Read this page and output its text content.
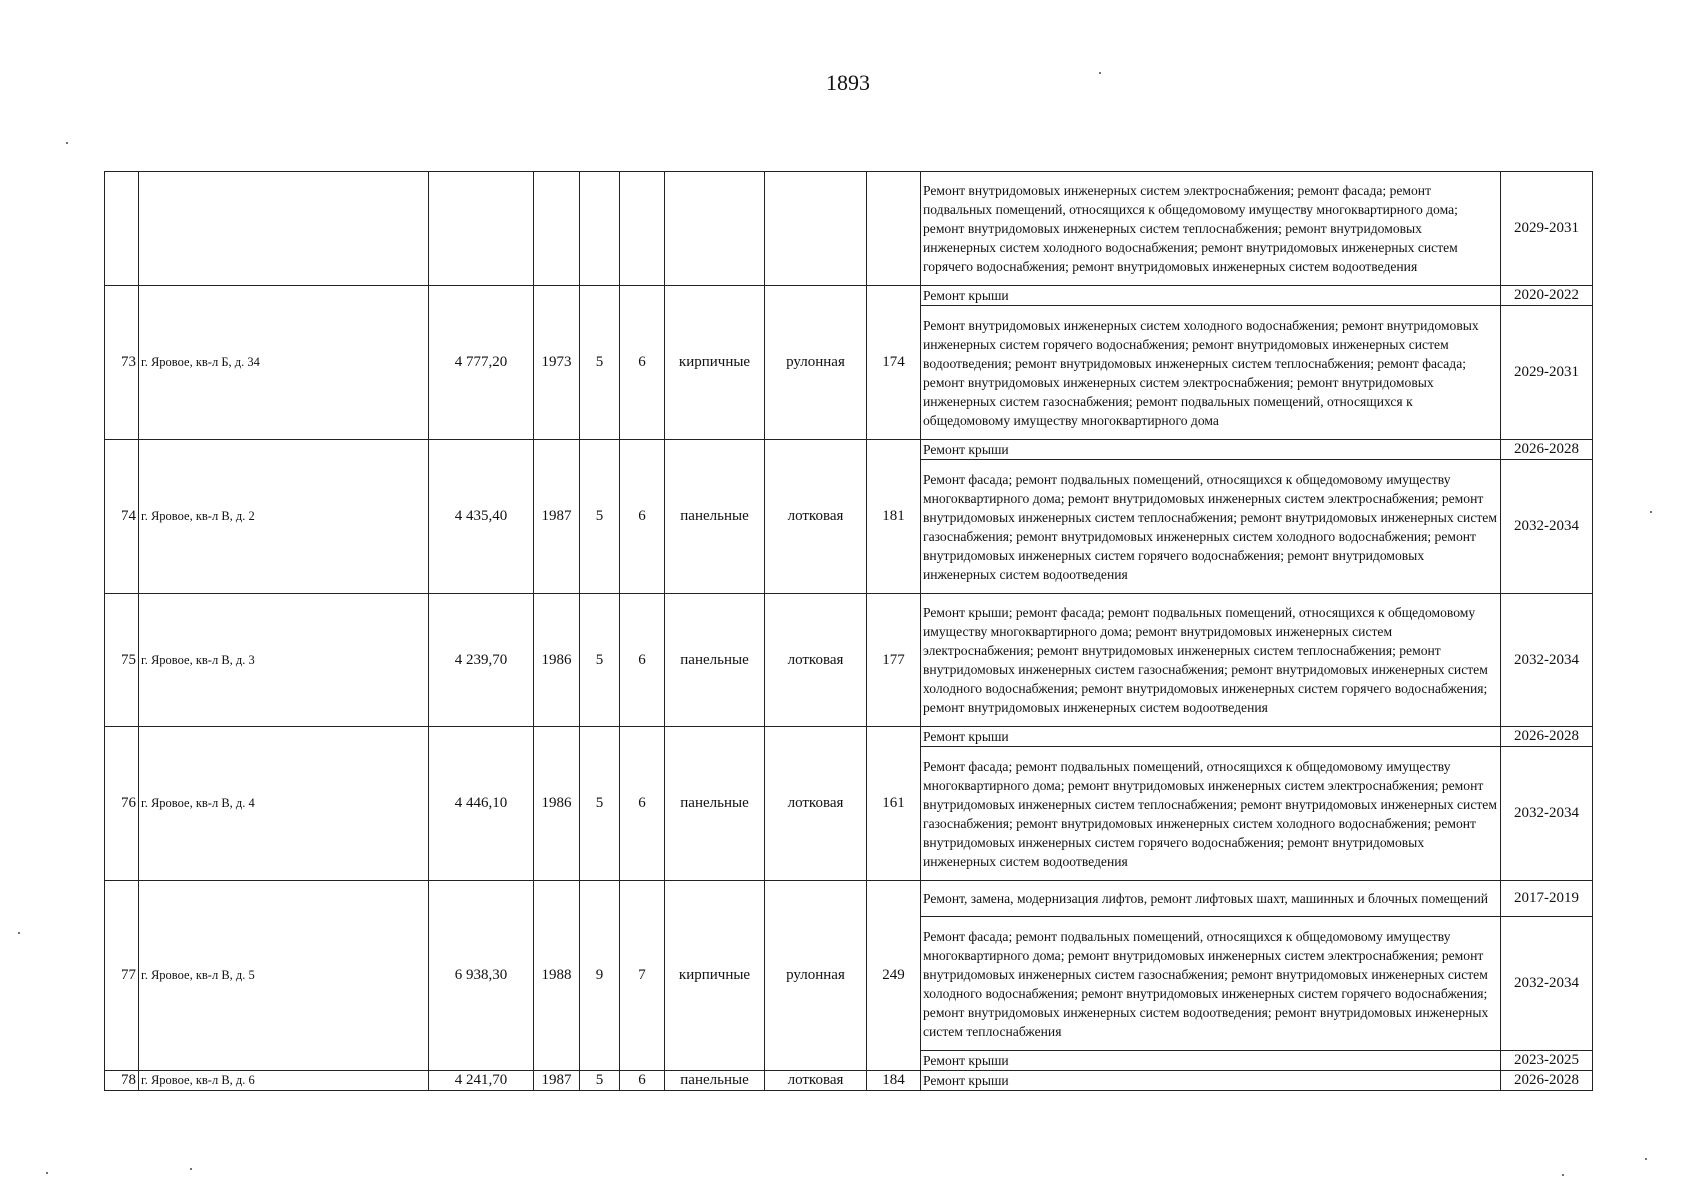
1893
									Ремонт внутридомовых инженерных систем электроснабжения; ремонт фасада; ремонт подвальных помещений, относящихся к общедомовому имуществу многоквартирного дома; ремонт внутридомовых инженерных систем теплоснабжения; ремонт внутридомовых инженерных систем холодного водоснабжения; ремонт внутридомовых инженерных систем горячего водоснабжения; ремонт внутридомовых инженерных систем водоотведения	2029-2031
73	г. Яровое, кв-л Б, д. 34	4 777,20	1973	5	6	кирпичные	рулонная	174	Ремонт крыши	2020-2022
									Ремонт внутридомовых инженерных систем холодного водоснабжения; ремонт внутридомовых инженерных систем горячего водоснабжения; ремонт внутридомовых инженерных систем водоотведения; ремонт внутридомовых инженерных систем теплоснабжения; ремонт фасада; ремонт внутридомовых инженерных систем электроснабжения; ремонт внутридомовых инженерных систем газоснабжения; ремонт подвальных помещений, относящихся к общедомовому имуществу многоквартирного дома	2029-2031
74	г. Яровое, кв-л В, д. 2	4 435,40	1987	5	6	панельные	лотковая	181	Ремонт крыши	2026-2028
									Ремонт фасада; ремонт подвальных помещений, относящихся к общедомовому имуществу многоквартирного дома; ремонт внутридомовых инженерных систем электроснабжения; ремонт внутридомовых инженерных систем теплоснабжения; ремонт внутридомовых инженерных систем газоснабжения; ремонт внутридомовых инженерных систем холодного водоснабжения; ремонт внутридомовых инженерных систем горячего водоснабжения; ремонт внутридомовых инженерных систем водоотведения	2032-2034
75	г. Яровое, кв-л В, д. 3	4 239,70	1986	5	6	панельные	лотковая	177	Ремонт крыши; ремонт фасада; ремонт подвальных помещений, относящихся к общедомовому имуществу многоквартирного дома; ремонт внутридомовых инженерных систем электроснабжения; ремонт внутридомовых инженерных систем теплоснабжения; ремонт внутридомовых инженерных систем газоснабжения; ремонт внутридомовых инженерных систем холодного водоснабжения; ремонт внутридомовых инженерных систем горячего водоснабжения; ремонт внутридомовых инженерных систем водоотведения	2032-2034
76	г. Яровое, кв-л В, д. 4	4 446,10	1986	5	6	панельные	лотковая	161	Ремонт крыши	2026-2028
									Ремонт фасада; ремонт подвальных помещений, относящихся к общедомовому имуществу многоквартирного дома; ремонт внутридомовых инженерных систем электроснабжения; ремонт внутридомовых инженерных систем теплоснабжения; ремонт внутридомовых инженерных систем газоснабжения; ремонт внутридомовых инженерных систем холодного водоснабжения; ремонт внутридомовых инженерных систем горячего водоснабжения; ремонт внутридомовых инженерных систем водоотведения	2032-2034
77	г. Яровое, кв-л В, д. 5	6 938,30	1988	9	7	кирпичные	рулонная	249	Ремонт, замена, модернизация лифтов, ремонт лифтовых шахт, машинных и блочных помещений	2017-2019
									Ремонт фасада; ремонт подвальных помещений, относящихся к общедомовому имуществу многоквартирного дома; ремонт внутридомовых инженерных систем электроснабжения; ремонт внутридомовых инженерных систем газоснабжения; ремонт внутридомовых инженерных систем холодного водоснабжения; ремонт внутридомовых инженерных систем горячего водоснабжения; ремонт внутридомовых инженерных систем водоотведения; ремонт внутридомовых инженерных систем теплоснабжения	2032-2034
									Ремонт крыши	2023-2025
78	г. Яровое, кв-л В, д. 6	4 241,70	1987	5	6	панельные	лотковая	184	Ремонт крыши	2026-2028
